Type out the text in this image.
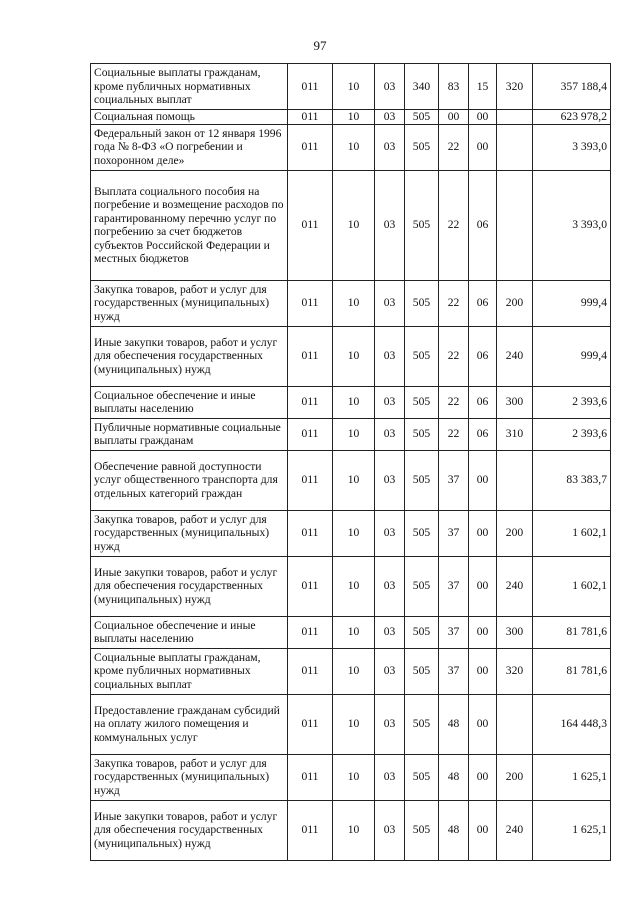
97
Социальные выплаты гражданам, кроме публичных нормативных социальных выплат	011	10	03	340	83	15	320	357 188,4
Социальная помощь	011	10	03	505	00	00		623 978,2
Федеральный закон от 12 января 1996 года № 8-ФЗ «О погребении и похоронном деле»	011	10	03	505	22	00		3 393,0
Выплата социального пособия на погребение и возмещение расходов по гарантированному перечню услуг по погребению за счет бюджетов субъектов Российской Федерации и местных бюджетов	011	10	03	505	22	06		3 393,0
Закупка товаров, работ и услуг для государственных (муниципальных) нужд	011	10	03	505	22	06	200	999,4
Иные закупки товаров, работ и услуг для обеспечения государственных (муниципальных) нужд	011	10	03	505	22	06	240	999,4
Социальное обеспечение и иные выплаты населению	011	10	03	505	22	06	300	2 393,6
Публичные нормативные социальные выплаты гражданам	011	10	03	505	22	06	310	2 393,6
Обеспечение равной доступности услуг общественного транспорта для отдельных категорий граждан	011	10	03	505	37	00		83 383,7
Закупка товаров, работ и услуг для государственных (муниципальных) нужд	011	10	03	505	37	00	200	1 602,1
Иные закупки товаров, работ и услуг для обеспечения государственных (муниципальных) нужд	011	10	03	505	37	00	240	1 602,1
Социальное обеспечение и иные выплаты населению	011	10	03	505	37	00	300	81 781,6
Социальные выплаты гражданам, кроме публичных нормативных социальных выплат	011	10	03	505	37	00	320	81 781,6
Предоставление гражданам субсидий на оплату жилого помещения и коммунальных услуг	011	10	03	505	48	00		164 448,3
Закупка товаров, работ и услуг для государственных (муниципальных) нужд	011	10	03	505	48	00	200	1 625,1
Иные закупки товаров, работ и услуг для обеспечения государственных (муниципальных) нужд	011	10	03	505	48	00	240	1 625,1
